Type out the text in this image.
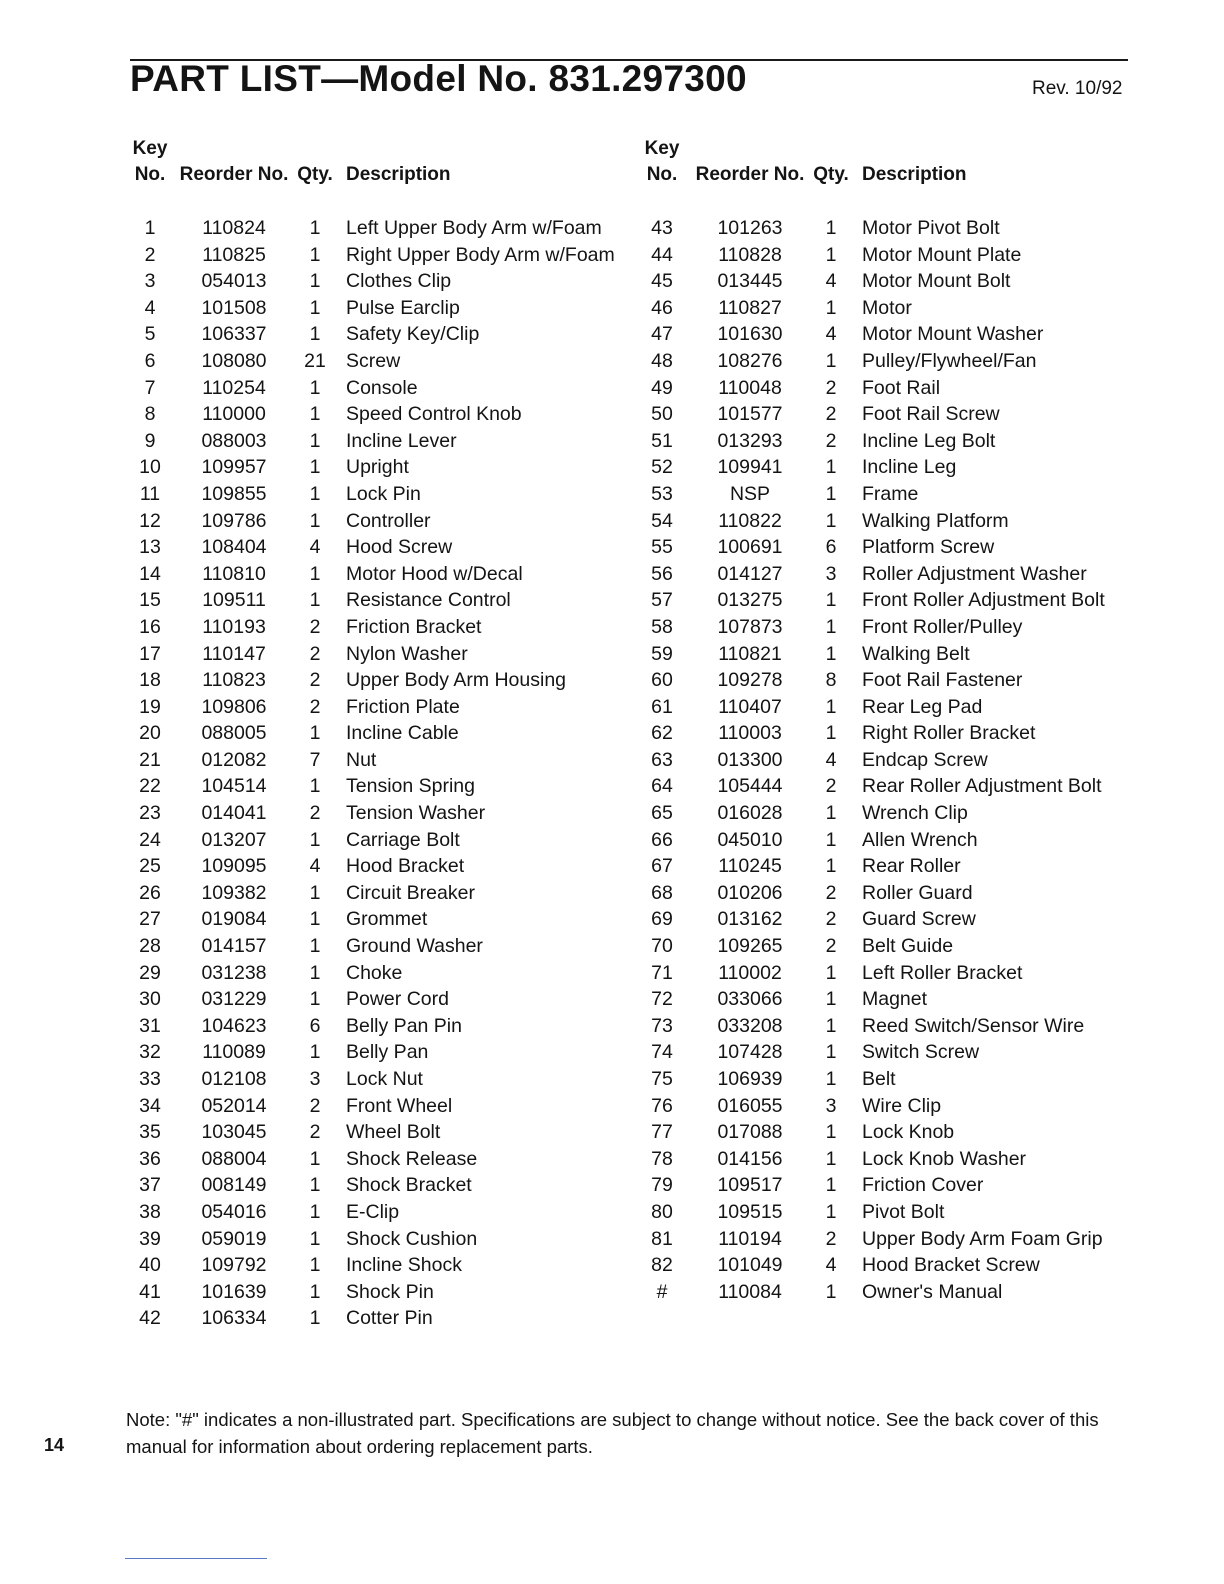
PART LIST—Model No. 831.297300	Rev. 10/92
Key No. Reorder No. Qty. Description
1	110824	1	Left Upper Body Arm w/Foam
2	110825	1	Right Upper Body Arm w/Foam
3	054013	1	Clothes Clip
4	101508	1	Pulse Earclip
5	106337	1	Safety Key/Clip
6	108080	21	Screw
7	110254	1	Console
8	110000	1	Speed Control Knob
9	088003	1	Incline Lever
10	109957	1	Upright
11	109855	1	Lock Pin
12	109786	1	Controller
13	108404	4	Hood Screw
14	110810	1	Motor Hood w/Decal
15	109511	1	Resistance Control
16	110193	2	Friction Bracket
17	110147	2	Nylon Washer
18	110823	2	Upper Body Arm Housing
19	109806	2	Friction Plate
20	088005	1	Incline Cable
21	012082	7	Nut
22	104514	1	Tension Spring
23	014041	2	Tension Washer
24	013207	1	Carriage Bolt
25	109095	4	Hood Bracket
26	109382	1	Circuit Breaker
27	019084	1	Grommet
28	014157	1	Ground Washer
29	031238	1	Choke
30	031229	1	Power Cord
31	104623	6	Belly Pan Pin
32	110089	1	Belly Pan
33	012108	3	Lock Nut
34	052014	2	Front Wheel
35	103045	2	Wheel Bolt
36	088004	1	Shock Release
37	008149	1	Shock Bracket
38	054016	1	E-Clip
39	059019	1	Shock Cushion
40	109792	1	Incline Shock
41	101639	1	Shock Pin
42	106334	1	Cotter Pin
Key No. Reorder No. Qty. Description
43	101263	1	Motor Pivot Bolt
44	110828	1	Motor Mount Plate
45	013445	4	Motor Mount Bolt
46	110827	1	Motor
47	101630	4	Motor Mount Washer
48	108276	1	Pulley/Flywheel/Fan
49	110048	2	Foot Rail
50	101577	2	Foot Rail Screw
51	013293	2	Incline Leg Bolt
52	109941	1	Incline Leg
53	NSP	1	Frame
54	110822	1	Walking Platform
55	100691	6	Platform Screw
56	014127	3	Roller Adjustment Washer
57	013275	1	Front Roller Adjustment Bolt
58	107873	1	Front Roller/Pulley
59	110821	1	Walking Belt
60	109278	8	Foot Rail Fastener
61	110407	1	Rear Leg Pad
62	110003	1	Right Roller Bracket
63	013300	4	Endcap Screw
64	105444	2	Rear Roller Adjustment Bolt
65	016028	1	Wrench Clip
66	045010	1	Allen Wrench
67	110245	1	Rear Roller
68	010206	2	Roller Guard
69	013162	2	Guard Screw
70	109265	2	Belt Guide
71	110002	1	Left Roller Bracket
72	033066	1	Magnet
73	033208	1	Reed Switch/Sensor Wire
74	107428	1	Switch Screw
75	106939	1	Belt
76	016055	3	Wire Clip
77	017088	1	Lock Knob
78	014156	1	Lock Knob Washer
79	109517	1	Friction Cover
80	109515	1	Pivot Bolt
81	110194	2	Upper Body Arm Foam Grip
82	101049	4	Hood Bracket Screw
#	110084	1	Owner's Manual
Note: "#" indicates a non-illustrated part. Specifications are subject to change without notice. See the back cover of this manual for information about ordering replacement parts.
14
